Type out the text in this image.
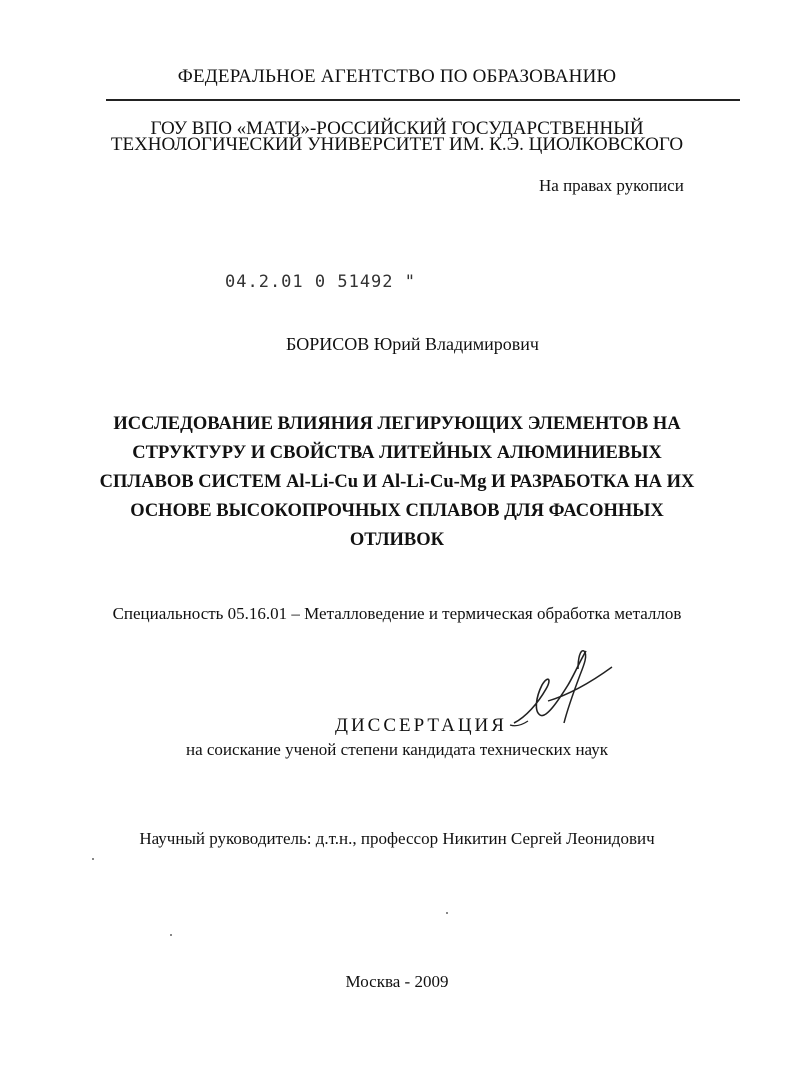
ФЕДЕРАЛЬНОЕ АГЕНТСТВО ПО ОБРАЗОВАНИЮ
ГОУ ВПО «МАТИ»-РОССИЙСКИЙ ГОСУДАРСТВЕННЫЙ
ТЕХНОЛОГИЧЕСКИЙ УНИВЕРСИТЕТ ИМ. К.Э. ЦИОЛКОВСКОГО
На правах рукописи
04.2.01 0 51492 "
БОРИСОВ Юрий Владимирович
ИССЛЕДОВАНИЕ ВЛИЯНИЯ ЛЕГИРУЮЩИХ ЭЛЕМЕНТОВ НА
СТРУКТУРУ И СВОЙСТВА ЛИТЕЙНЫХ АЛЮМИНИЕВЫХ
СПЛАВОВ СИСТЕМ Al-Li-Cu И Al-Li-Cu-Mg И РАЗРАБОТКА НА ИХ
ОСНОВЕ ВЫСОКОПРОЧНЫХ СПЛАВОВ ДЛЯ ФАСОННЫХ
ОТЛИВОК
Специальность 05.16.01 – Металловедение и термическая обработка металлов
ДИССЕРТАЦИЯ
на соискание ученой степени кандидата технических наук
Научный руководитель: д.т.н., профессор Никитин Сергей Леонидович
Москва - 2009
